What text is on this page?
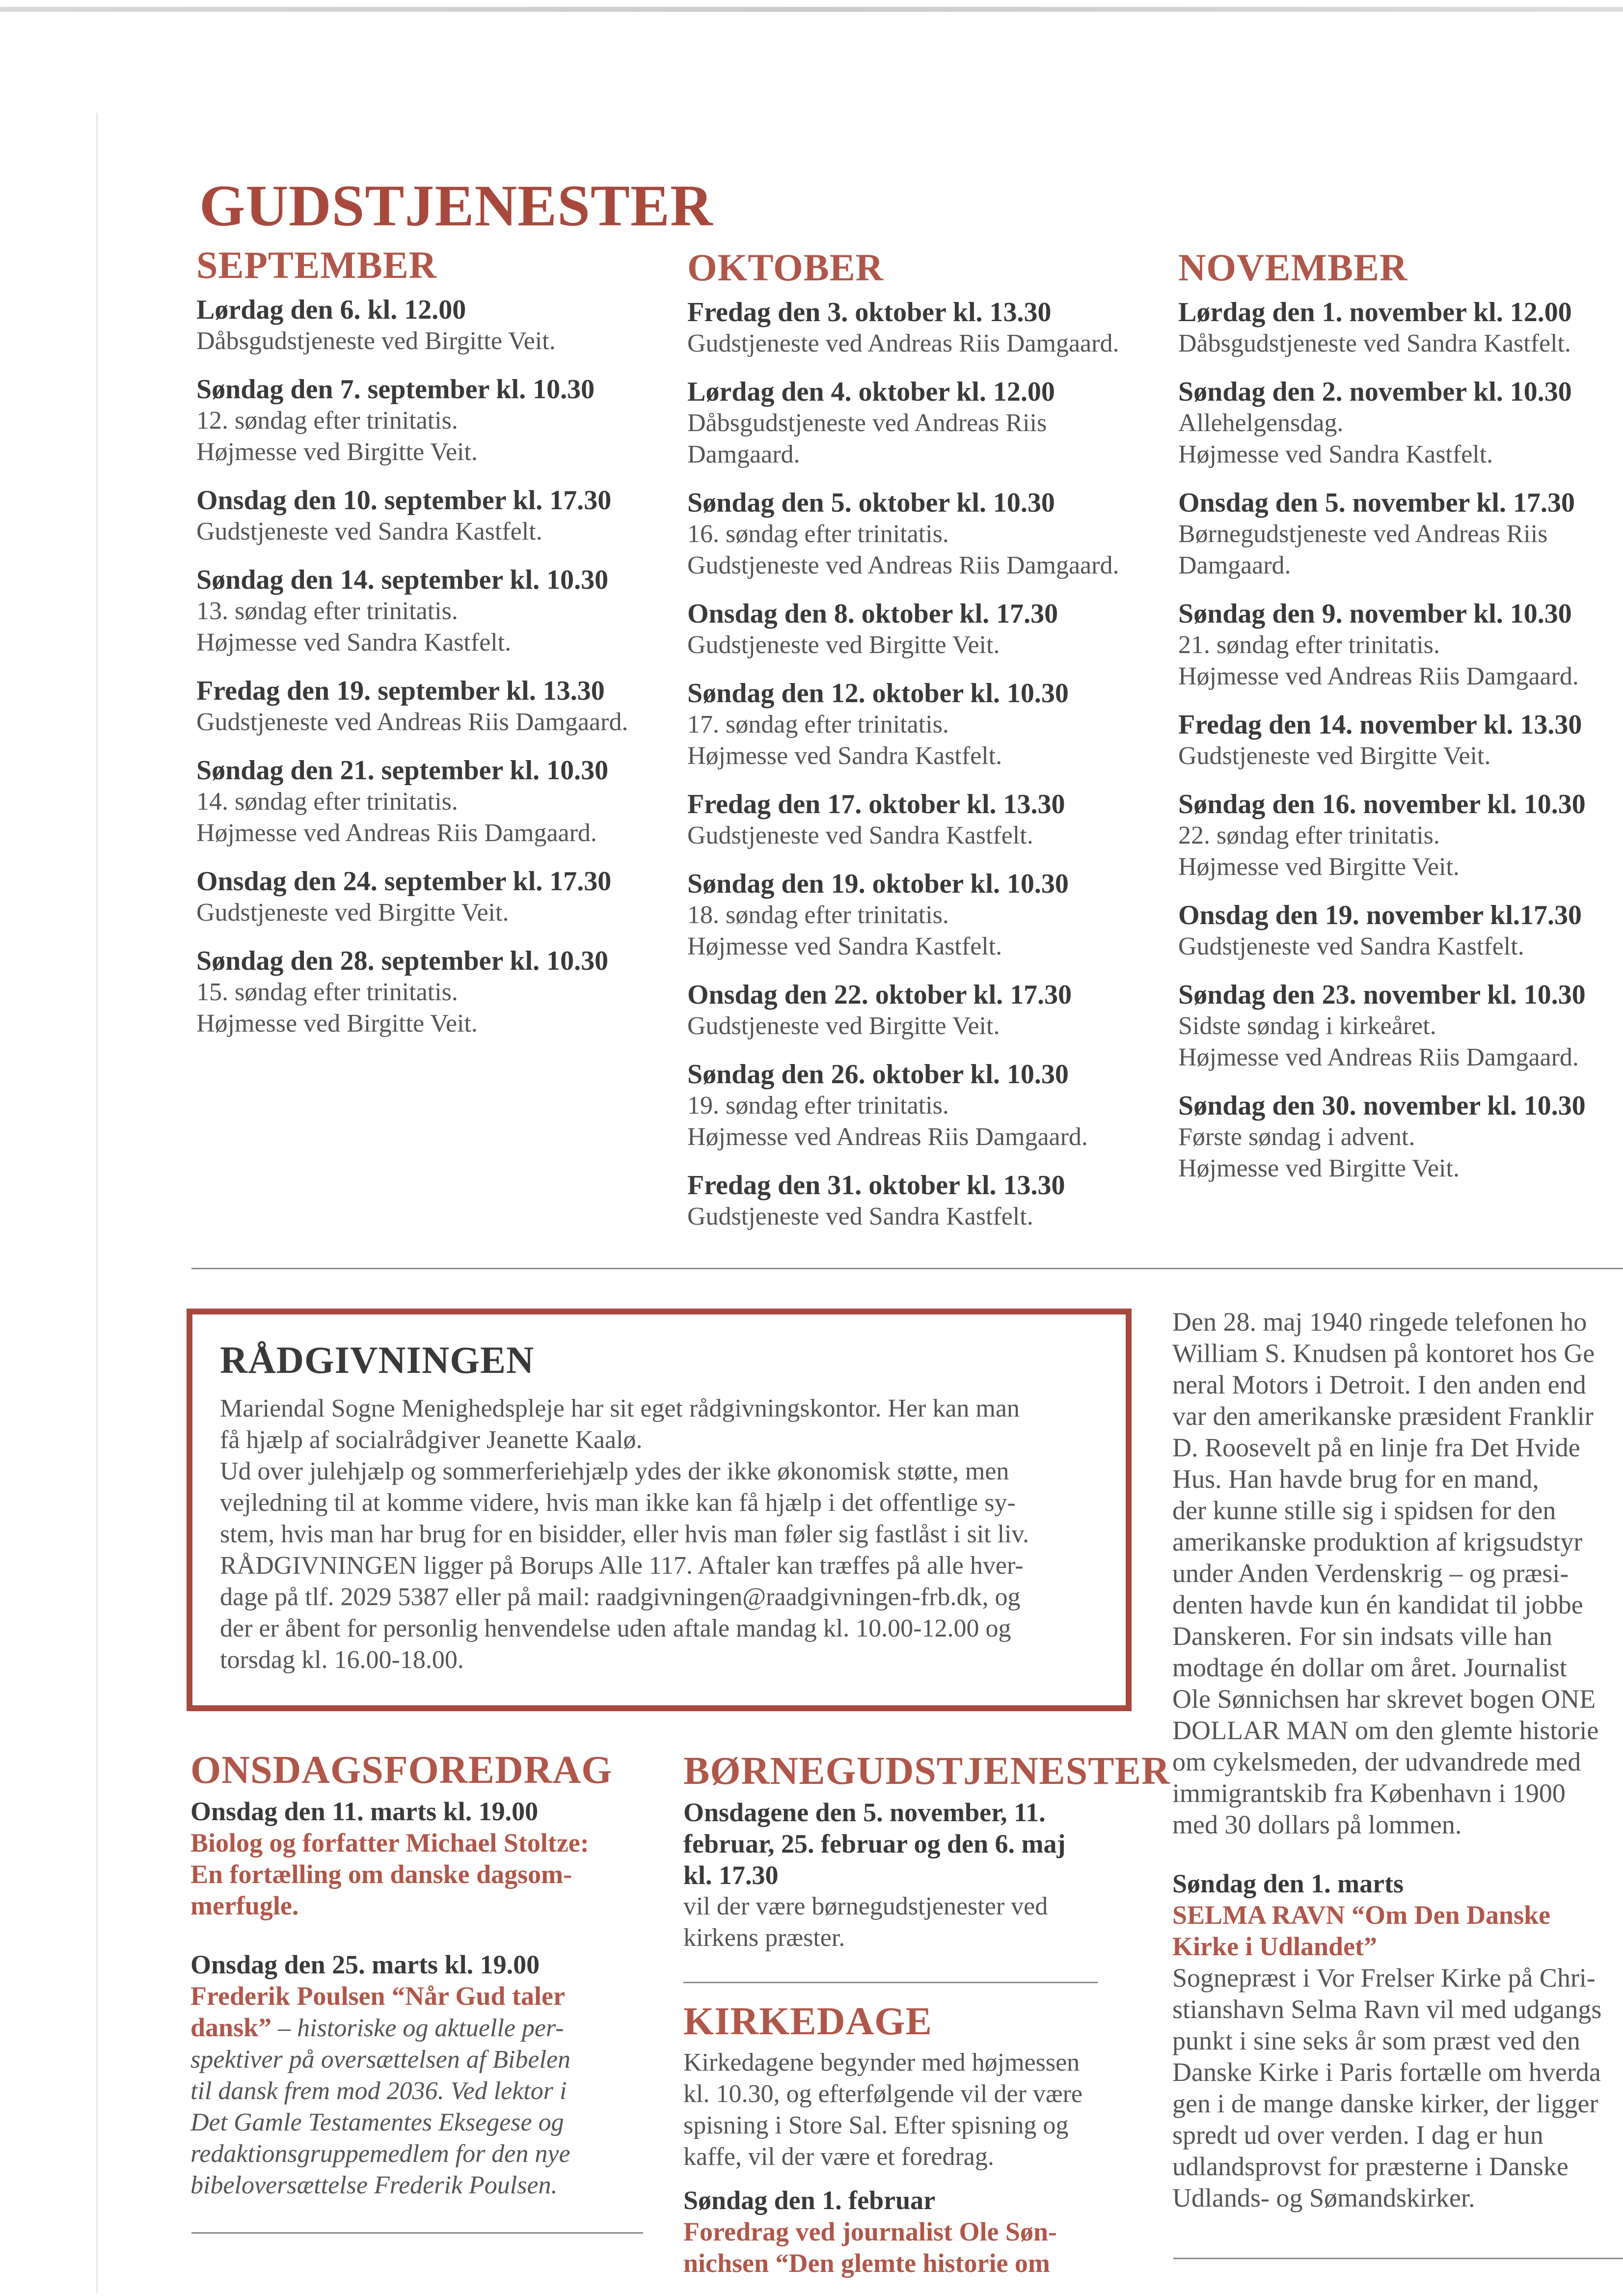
GUDSTJENESTER
SEPTEMBER
Lørdag den 6. kl. 12.00
Dåbsgudstjeneste ved Birgitte Veit.
Søndag den 7. september kl. 10.30
12. søndag efter trinitatis.
Højmesse ved Birgitte Veit.
Onsdag den 10. september kl. 17.30
Gudstjeneste ved Sandra Kastfelt.
Søndag den 14. september kl. 10.30
13. søndag efter trinitatis.
Højmesse ved Sandra Kastfelt.
Fredag den 19. september kl. 13.30
Gudstjeneste ved Andreas Riis Damgaard.
Søndag den 21. september kl. 10.30
14. søndag efter trinitatis.
Højmesse ved Andreas Riis Damgaard.
Onsdag den 24. september kl. 17.30
Gudstjeneste ved Birgitte Veit.
Søndag den 28. september kl. 10.30
15. søndag efter trinitatis.
Højmesse ved Birgitte Veit.
OKTOBER
Fredag den 3. oktober kl. 13.30
Gudstjeneste ved Andreas Riis Damgaard.
Lørdag den 4. oktober kl. 12.00
Dåbsgudstjeneste ved Andreas Riis
Damgaard.
Søndag den 5. oktober kl. 10.30
16. søndag efter trinitatis.
Gudstjeneste ved Andreas Riis Damgaard.
Onsdag den 8. oktober kl. 17.30
Gudstjeneste ved Birgitte Veit.
Søndag den 12. oktober kl. 10.30
17. søndag efter trinitatis.
Højmesse ved Sandra Kastfelt.
Fredag den 17. oktober kl. 13.30
Gudstjeneste ved Sandra Kastfelt.
Søndag den 19. oktober kl. 10.30
18. søndag efter trinitatis.
Højmesse ved Sandra Kastfelt.
Onsdag den 22. oktober kl. 17.30
Gudstjeneste ved Birgitte Veit.
Søndag den 26. oktober kl. 10.30
19. søndag efter trinitatis.
Højmesse ved Andreas Riis Damgaard.
Fredag den 31. oktober kl. 13.30
Gudstjeneste ved Sandra Kastfelt.
NOVEMBER
Lørdag den 1. november kl. 12.00
Dåbsgudstjeneste ved Sandra Kastfelt.
Søndag den 2. november kl. 10.30
Allehelgensdag.
Højmesse ved Sandra Kastfelt.
Onsdag den 5. november kl. 17.30
Børnegudstjeneste ved Andreas Riis
Damgaard.
Søndag den 9. november kl. 10.30
21. søndag efter trinitatis.
Højmesse ved Andreas Riis Damgaard.
Fredag den 14. november kl. 13.30
Gudstjeneste ved Birgitte Veit.
Søndag den 16. november kl. 10.30
22. søndag efter trinitatis.
Højmesse ved Birgitte Veit.
Onsdag den 19. november kl.17.30
Gudstjeneste ved Sandra Kastfelt.
Søndag den 23. november kl. 10.30
Sidste søndag i kirkeåret.
Højmesse ved Andreas Riis Damgaard.
Søndag den 30. november kl. 10.30
Første søndag i advent.
Højmesse ved Birgitte Veit.
RÅDGIVNINGEN
Mariendal Sogne Menighedspleje har sit eget rådgivningskontor. Her kan man
få hjælp af socialrådgiver Jeanette Kaalø.
Ud over julehjælp og sommerferiehjælp ydes der ikke økonomisk støtte, men
vejledning til at komme videre, hvis man ikke kan få hjælp i det offentlige sy-
stem, hvis man har brug for en bisidder, eller hvis man føler sig fastlåst i sit liv.
RÅDGIVNINGEN ligger på Borups Alle 117. Aftaler kan træffes på alle hver-
dage på tlf. 2029 5387 eller på mail: raadgivningen@raadgivningen-frb.dk, og
der er åbent for personlig henvendelse uden aftale mandag kl. 10.00-12.00 og
torsdag kl. 16.00-18.00.
Den 28. maj 1940 ringede telefonen ho
William S. Knudsen på kontoret hos Ge
neral Motors i Detroit. I den anden end
var den amerikanske præsident Franklir
D. Roosevelt på en linje fra Det Hvide
Hus. Han havde brug for en mand,
der kunne stille sig i spidsen for den
amerikanske produktion af krigsudstyr
under Anden Verdenskrig – og præsi-
denten havde kun én kandidat til jobbe
Danskeren. For sin indsats ville han
modtage én dollar om året. Journalist
Ole Sønnichsen har skrevet bogen ONE
DOLLAR MAN om den glemte historie
om cykelsmeden, der udvandrede med
immigrantskib fra København i 1900
med 30 dollars på lommen.
Søndag den 1. marts
SELMA RAVN “Om Den Danske
Kirke i Udlandet”
Sognepræst i Vor Frelser Kirke på Chri-
stianshavn Selma Ravn vil med udgangs
punkt i sine seks år som præst ved den
Danske Kirke i Paris fortælle om hverda
gen i de mange danske kirker, der ligger
spredt ud over verden. I dag er hun
udlandsprovst for præsterne i Danske
Udlands- og Sømandskirker.
ONSDAGSFOREDRAG
Onsdag den 11. marts kl. 19.00
Biolog og forfatter Michael Stoltze:
En fortælling om danske dagsom-
merfugle.
Onsdag den 25. marts kl. 19.00
Frederik Poulsen “Når Gud taler
dansk” – historiske og aktuelle per-
spektiver på oversættelsen af Bibelen
til dansk frem mod 2036. Ved lektor i
Det Gamle Testamentes Eksegese og
redaktionsgruppemedlem for den nye
bibeloversættelse Frederik Poulsen.
BØRNEGUDSTJENESTER
Onsdagene den 5. november, 11.
februar, 25. februar og den 6. maj
kl. 17.30
vil der være børnegudstjenester ved
kirkens præster.
KIRKEDAGE
Kirkedagene begynder med højmessen
kl. 10.30, og efterfølgende vil der være
spisning i Store Sal. Efter spisning og
kaffe, vil der være et foredrag.
Søndag den 1. februar
Foredrag ved journalist Ole Søn-
nichsen “Den glemte historie om
